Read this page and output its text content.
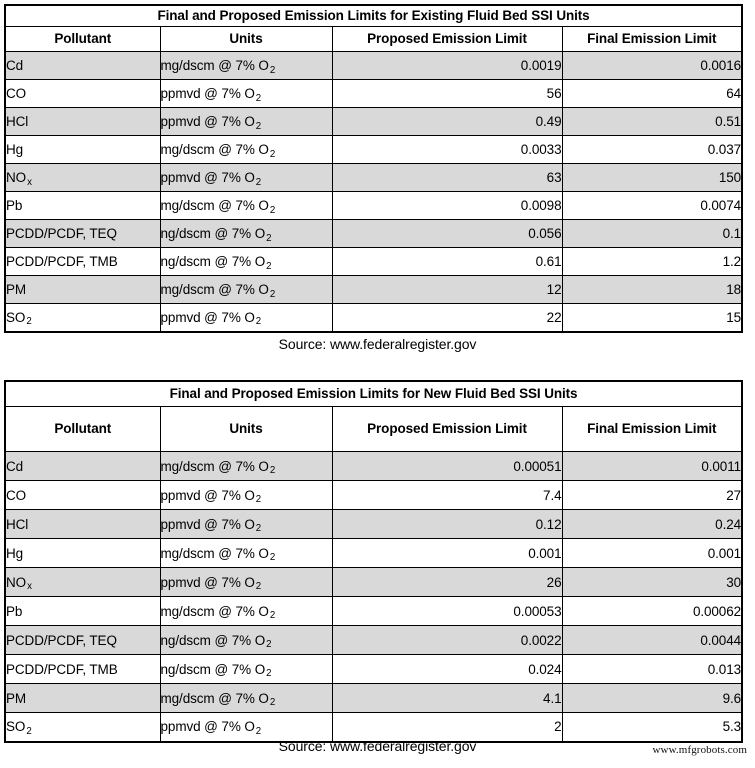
Final and Proposed Emission Limits for Existing Fluid Bed SSI Units			
Pollutant	Units	Proposed Emission Limit	Final Emission Limit
Cd	mg/dscm @ 7% $O_2$	0.0019	0.0016
CO	ppmvd @ 7% $O_2$	56	64
HCl	ppmvd @ 7% $O_2$	0.49	0.51
Hg	mg/dscm @ 7% $O_2$	0.0033	0.037
$NO_x$	ppmvd @ 7% $O_2$	63	150
Pb	mg/dscm @ 7% $O_2$	0.0098	0.0074
PCDD/PCDF, TEQ	ng/dscm @ 7% $O_2$	0.056	0.1
PCDD/PCDF, TMB	ng/dscm @ 7% $O_2$	0.61	1.2
PM	mg/dscm @ 7% $O_2$	12	18
$SO_2$	ppmvd @ 7% $O_2$	22	15
Source: www.federalregister.gov
Final and Proposed Emission Limits for New Fluid Bed SSI Units			
Pollutant	Units	Proposed Emission Limit	Final Emission Limit
Cd	mg/dscm @ 7% $O_2$	0.00051	0.0011
CO	ppmvd @ 7% $O_2$	7.4	27
HCl	ppmvd @ 7% $O_2$	0.12	0.24
Hg	mg/dscm @ 7% $O_2$	0.001	0.001
$NO_x$	ppmvd @ 7% $O_2$	26	30
Pb	mg/dscm @ 7% $O_2$	0.00053	0.00062
PCDD/PCDF, TEQ	ng/dscm @ 7% $O_2$	0.0022	0.0044
PCDD/PCDF, TMB	ng/dscm @ 7% $O_2$	0.024	0.013
PM	mg/dscm @ 7% $O_2$	4.1	9.6
$SO_2$	ppmvd @ 7% $O_2$	2	5.3
Source: www.federalregister.gov	www.mfgrobots.com
